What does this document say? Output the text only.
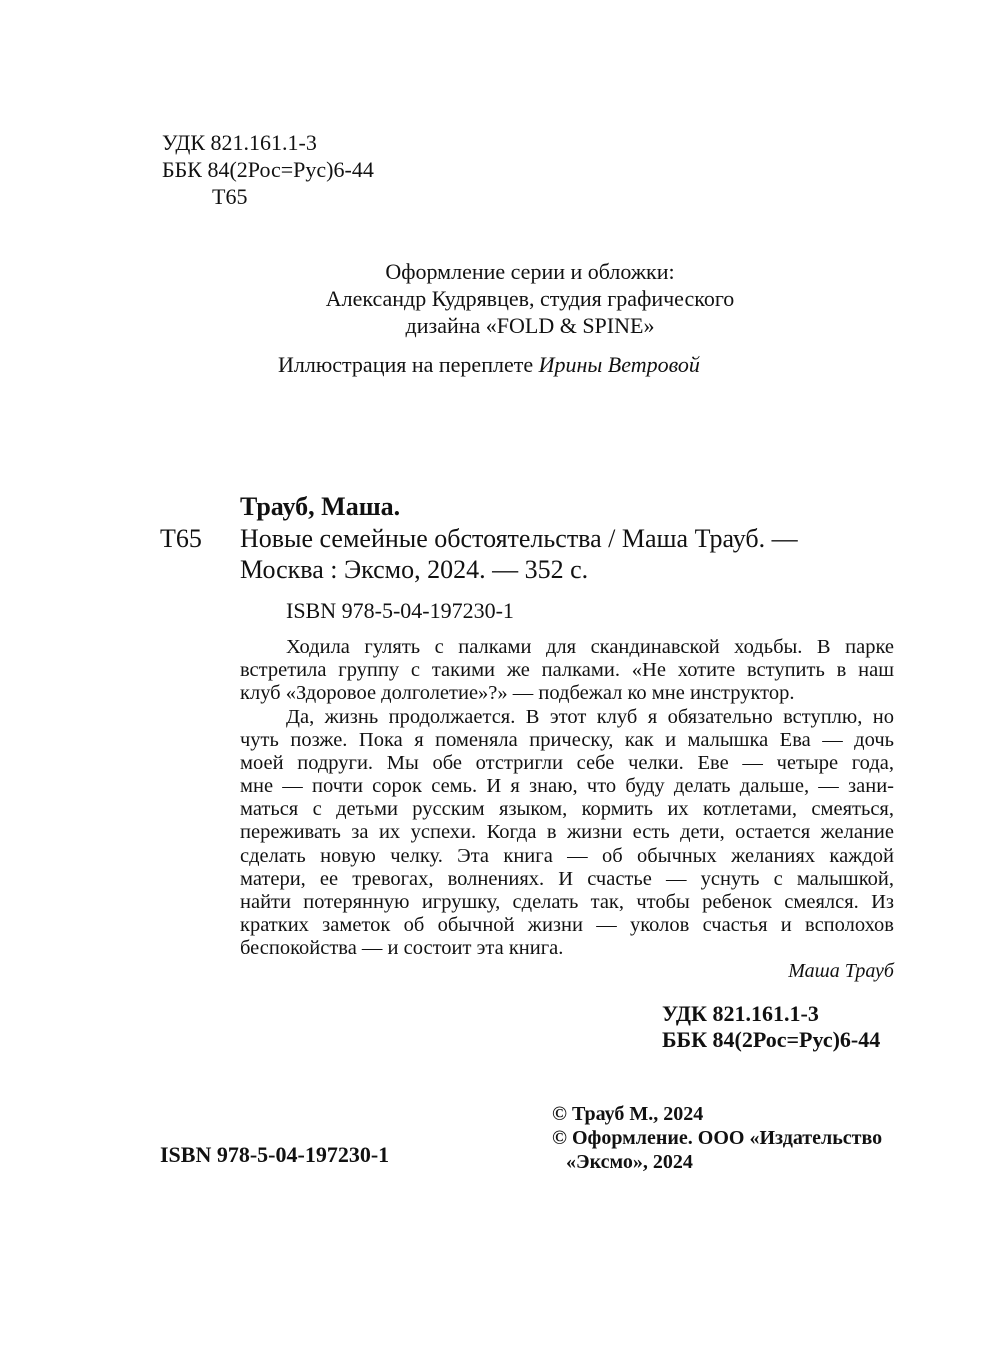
УДК 821.161.1-3
ББК 84(2Рос=Рус)6-44
Т65
Оформление серии и обложки:
Александр Кудрявцев, студия графического
дизайна «FOLD & SPINE»
Иллюстрация на переплете Ирины Ветровой
Трауб, Маша.
Т65 Новые семейные обстоятельства / Маша Трауб. —
Москва : Эксмо, 2024. — 352 с.
ISBN 978-5-04-197230-1
Ходила гулять с палками для скандинавской ходьбы. В парке
встретила группу с такими же палками. «Не хотите вступить в наш
клуб «Здоровое долголетие»?» — подбежал ко мне инструктор.
Да, жизнь продолжается. В этот клуб я обязательно вступлю, но
чуть позже. Пока я поменяла прическу, как и малышка Ева — дочь
моей подруги. Мы обе отстригли себе челки. Еве — четыре года,
мне — почти сорок семь. И я знаю, что буду делать дальше, — зани-
маться с детьми русским языком, кормить их котлетами, смеяться,
переживать за их успехи. Когда в жизни есть дети, остается желание
сделать новую челку. Эта книга — об обычных желаниях каждой
матери, ее тревогах, волнениях. И счастье — уснуть с малышкой,
найти потерянную игрушку, сделать так, чтобы ребенок смеялся. Из
кратких заметок об обычной жизни — уколов счастья и всполохов
беспокойства — и состоит эта книга.
Маша Трауб
УДК 821.161.1-3
ББК 84(2Рос=Рус)6-44
ISBN 978-5-04-197230-1
© Трауб М., 2024
© Оформление. ООО «Издательство
«Эксмо», 2024
